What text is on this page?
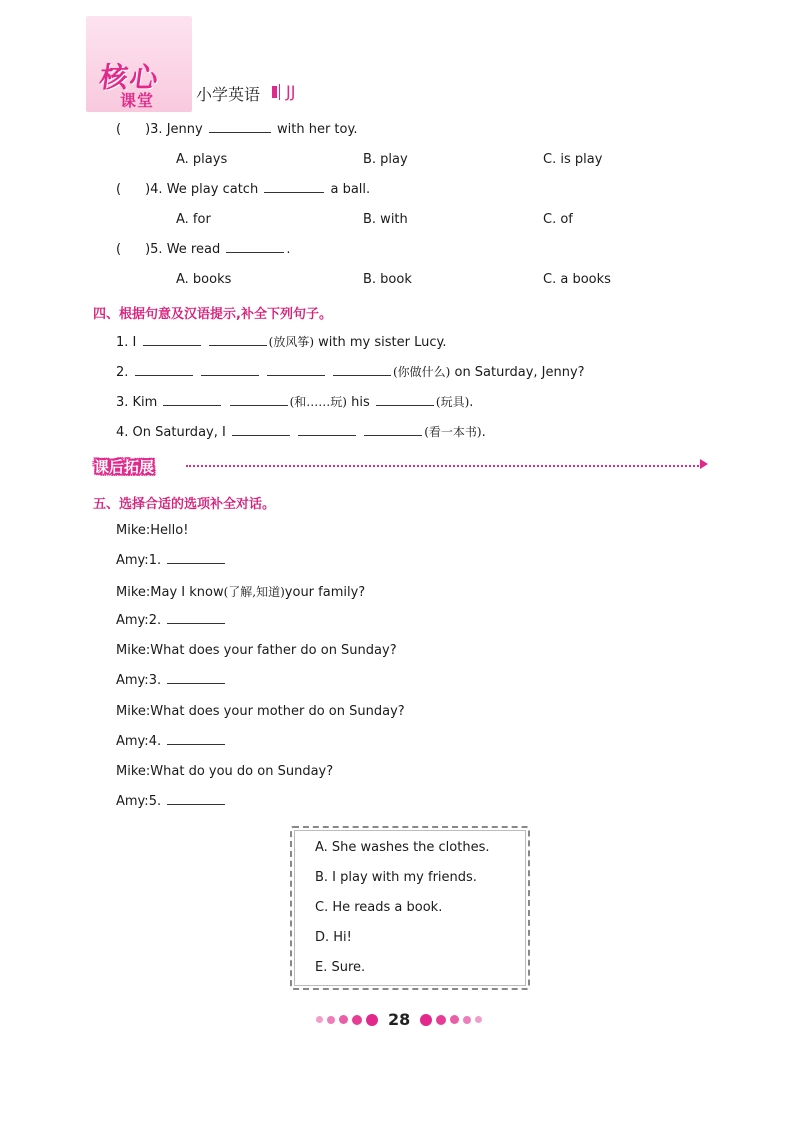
核心
课堂	小学英语 JJ
( )3. Jenny	with her toy.
A. plays	B. play	C. is play
( )4. We play catch	a ball.
A. for	B. with	C. of
( )5. We read	.
A. books	B. book	C. a books
四、根据句意及汉语提示,补全下列句子。
1. I	(放风筝) with my sister Lucy.
2.	(你做什么) on Saturday, Jenny?
3. Kim	(和……玩) his	(玩具).
4. On Saturday, I	(看一本书).
课后拓展
五、选择合适的选项补全对话。
Mike:Hello!
Amy:1.
Mike:May I know(了解,知道)your family?
Amy:2.
Mike:What does your father do on Sunday?
Amy:3.
Mike:What does your mother do on Sunday?
Amy:4.
Mike:What do you do on Sunday?
Amy:5.
A. She washes the clothes.
B. I play with my friends.
C. He reads a book.
D. Hi!
E. Sure.
28
